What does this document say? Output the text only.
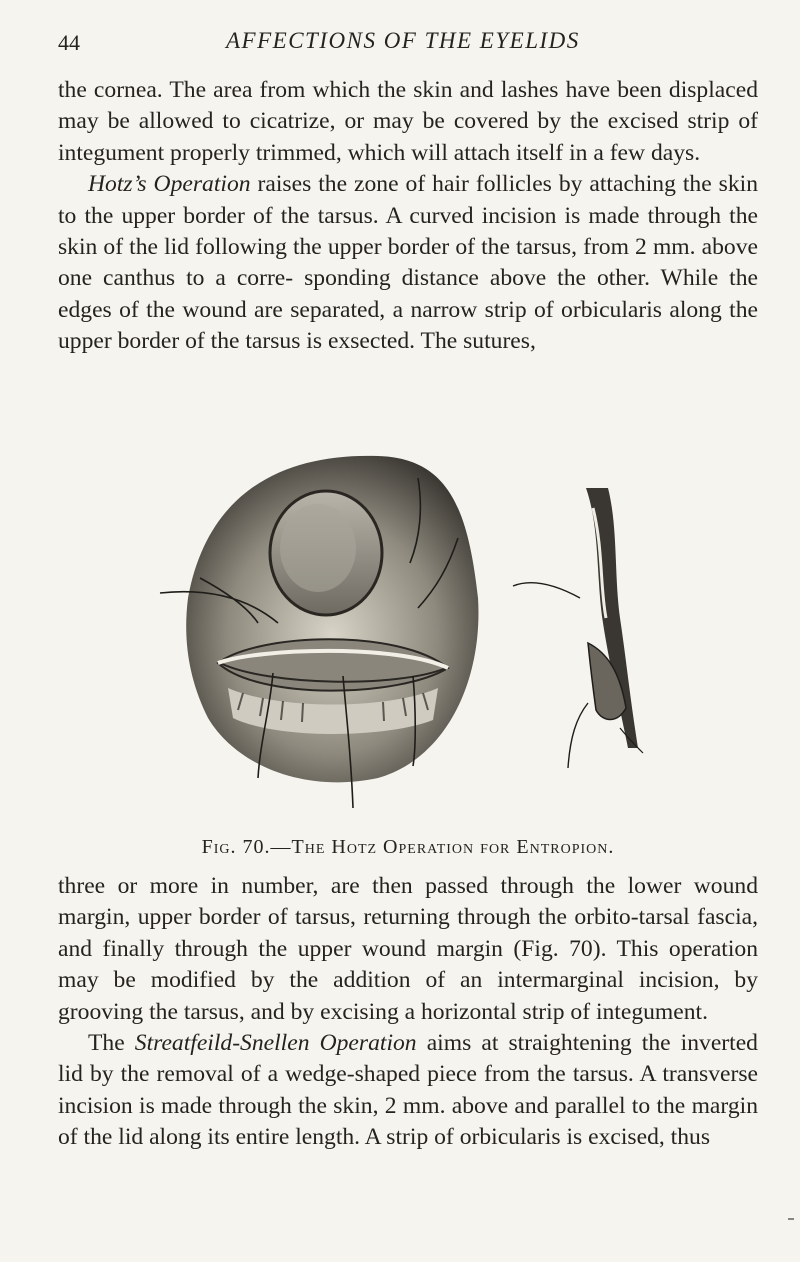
44	AFFECTIONS OF THE EYELIDS

the cornea. The area from which the skin and lashes have been displaced may be allowed to cicatrize, or may be covered by the excised strip of integument properly trimmed, which will attach itself in a few days.

Hotz’s Operation raises the zone of hair follicles by attaching the skin to the upper border of the tarsus. A curved incision is made through the skin of the lid following the upper border of the tarsus, from 2 mm. above one canthus to a corre- sponding distance above the other. While the edges of the wound are separated, a narrow strip of orbicularis along the upper border of the tarsus is exsected. The sutures,

Fig. 70.—The Hotz Operation for Entropion.

three or more in number, are then passed through the lower wound margin, upper border of tarsus, returning through the orbito-tarsal fascia, and finally through the upper wound margin (Fig. 70). This operation may be modified by the addition of an intermarginal incision, by grooving the tarsus, and by excising a horizontal strip of integument.

The Streatfeild-Snellen Operation aims at straightening the inverted lid by the removal of a wedge-shaped piece from the tarsus. A transverse incision is made through the skin, 2 mm. above and parallel to the margin of the lid along its entire length. A strip of orbicularis is excised, thus
